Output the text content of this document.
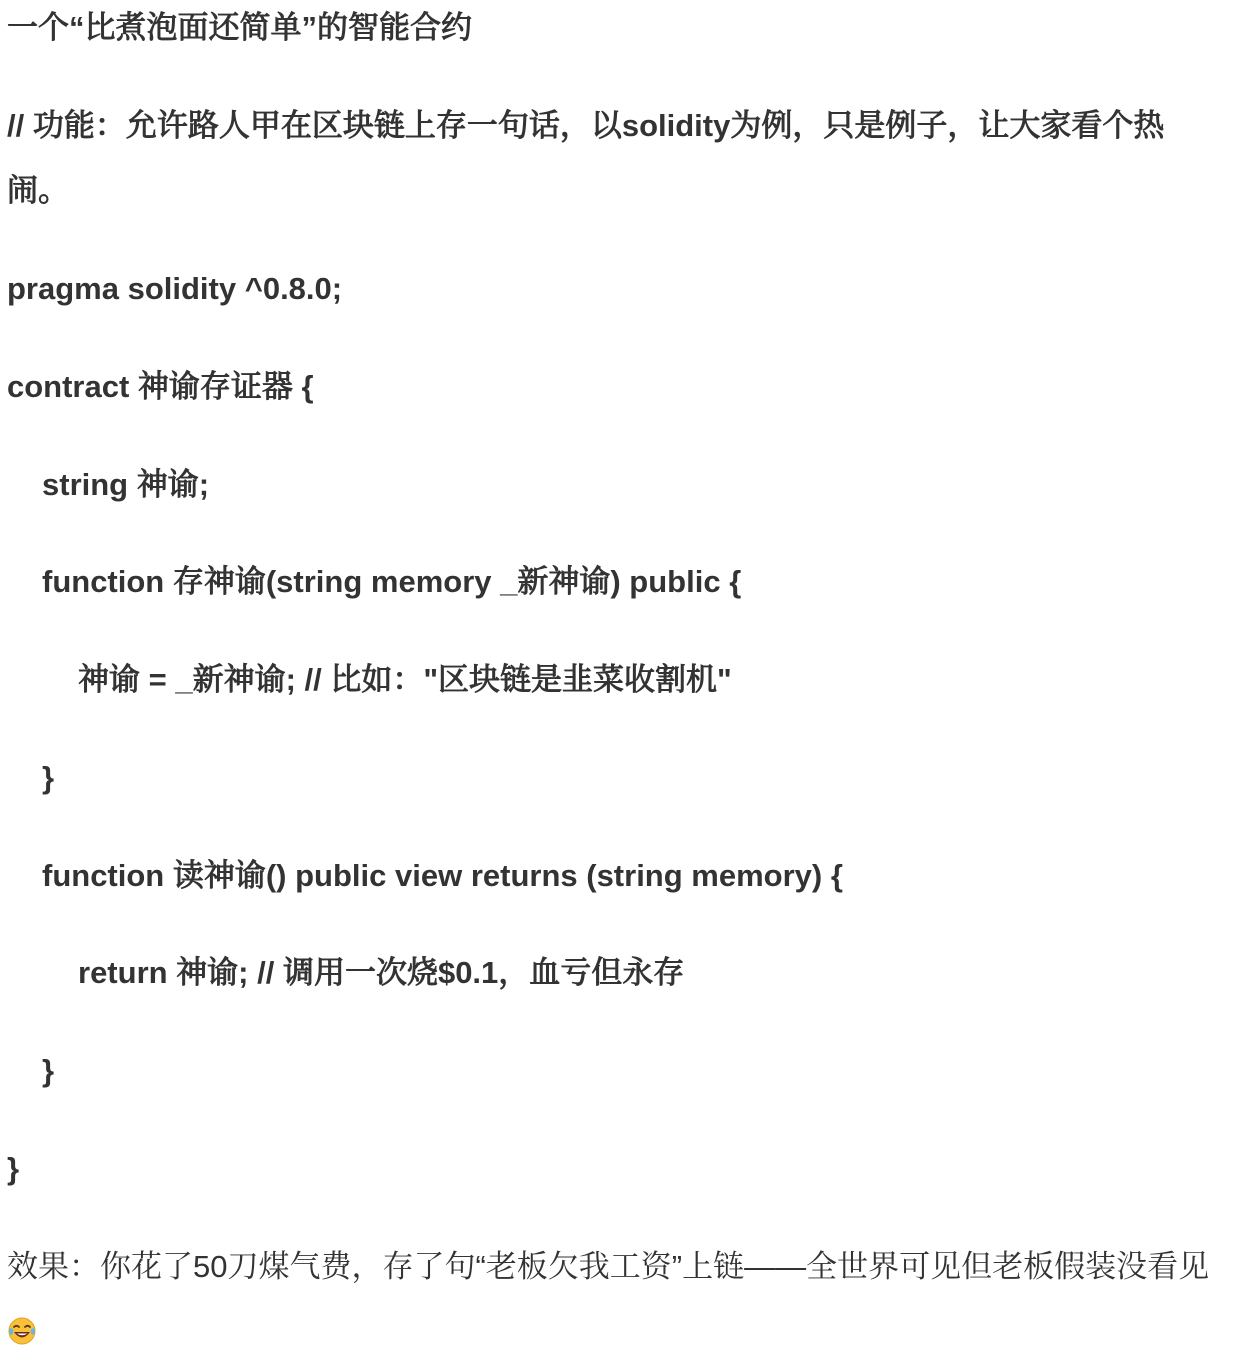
一个“比煮泡面还简单”的智能合约
// 功能：允许路人甲在区块链上存一句话，以solidity为例，只是例子，让大家看个热
闹。
pragma solidity ^0.8.0;
contract 神谕存证器 {
string 神谕;
function 存神谕(string memory _新神谕) public {
神谕 = _新神谕; // 比如："区块链是韭菜收割机"
}
function 读神谕() public view returns (string memory) {
return 神谕; // 调用一次烧$0.1，血亏但永存
}
}
效果：你花了50刀煤气费，存了句“老板欠我工资”上链——全世界可见但老板假装没看见
